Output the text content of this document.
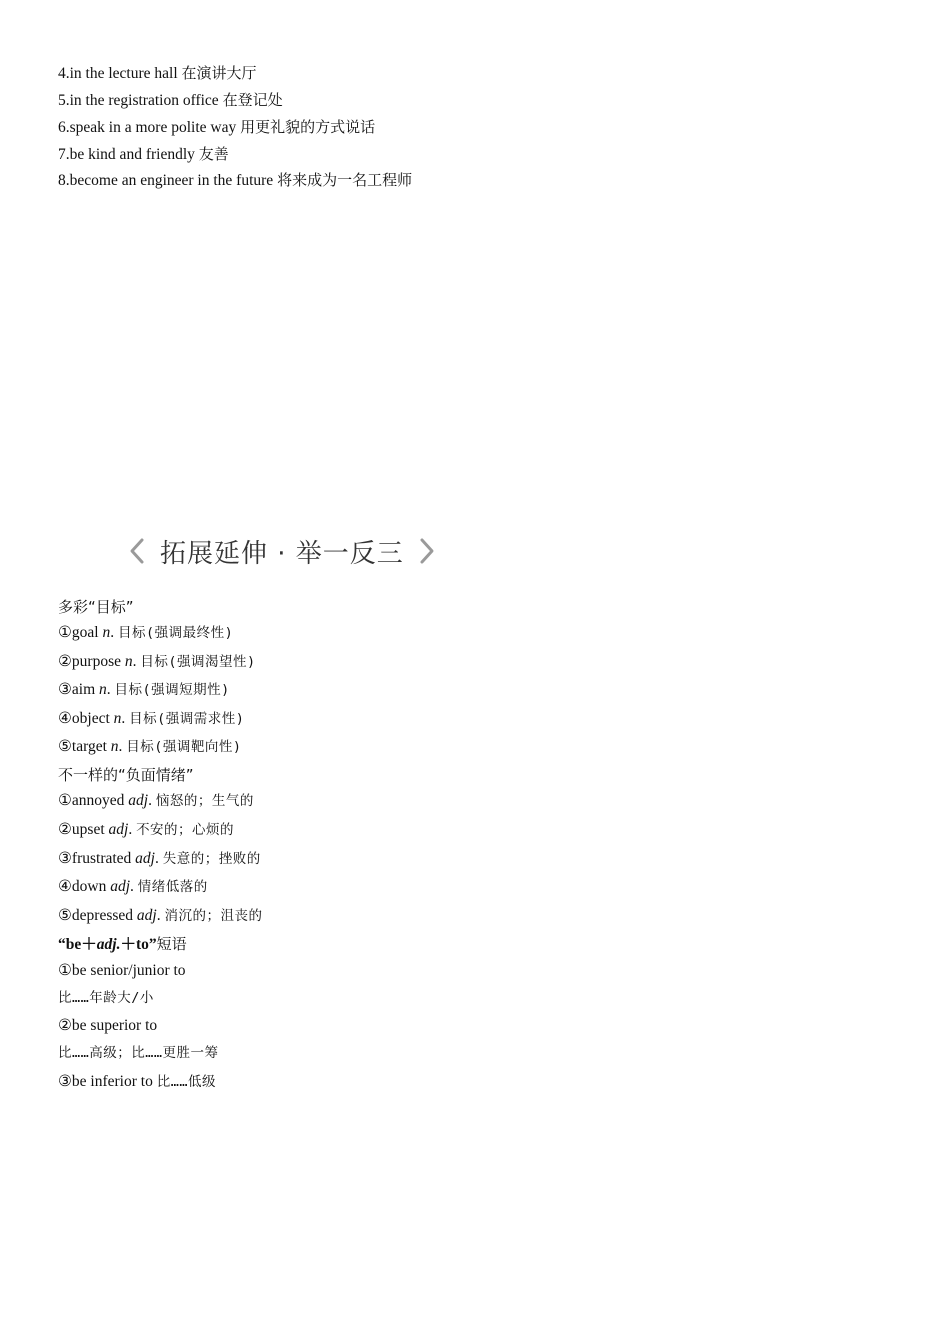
4.in the lecture hall 在演讲大厅
5.in the registration office 在登记处
6.speak in a more polite way 用更礼貌的方式说话
7.be kind and friendly 友善
8.become an engineer in the future 将来成为一名工程师
多彩“目标”
①goal n. 目标(强调最终性)
②purpose n. 目标(强调渴望性)
③aim n. 目标(强调短期性)
④object n. 目标(强调需求性)
⑤target n. 目标(强调靶向性)
不一样的“负面情绪”
①annoyed adj. 恼怒的；生气的
②upset adj. 不安的；心烦的
③frustrated adj. 失意的；挫败的
④down adj. 情绪低落的
⑤depressed adj. 消沉的；沮丧的
“be＋adj.＋to”短语
①be senior/junior to
比……年龄大/小
②be superior to
比……高级；比……更胜一筹
③be inferior to 比……低级
拓展延伸 · 举一反三
